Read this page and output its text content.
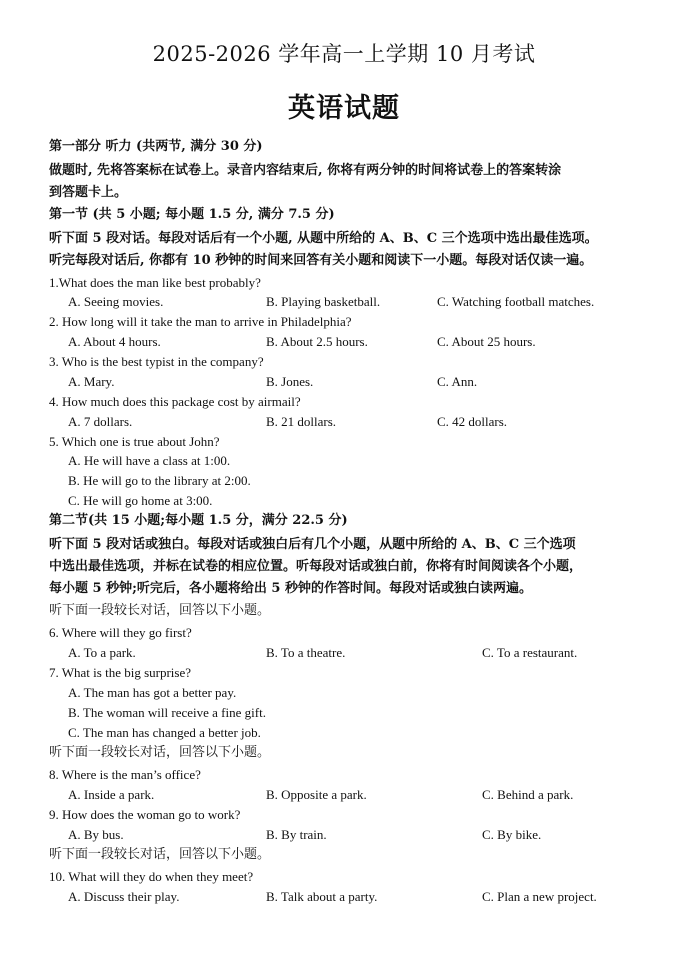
2025-2026 学年高一上学期 10 月考试
英语试题
第一部分 听力 (共两节, 满分 30 分)
做题时, 先将答案标在试卷上。录音内容结束后, 你将有两分钟的时间将试卷上的答案转涂
到答题卡上。
第一节 (共 5 小题; 每小题 1.5 分, 满分 7.5 分)
听下面 5 段对话。每段对话后有一个小题, 从题中所给的 A、B、C 三个选项中选出最佳选项。
听完每段对话后, 你都有 10 秒钟的时间来回答有关小题和阅读下一小题。每段对话仅读一遍。
1.What does the man like best probably?
A. Seeing movies.	B. Playing basketball.	C. Watching football matches.
2. How long will it take the man to arrive in Philadelphia?
A. About 4 hours.	B. About 2.5 hours.	C. About 25 hours.
3. Who is the best typist in the company?
A. Mary.	B. Jones.	C. Ann.
4. How much does this package cost by airmail?
A. 7 dollars.	B. 21 dollars.	C. 42 dollars.
5. Which one is true about John?
A. He will have a class at 1:00.
B. He will go to the library at 2:00.
C. He will go home at 3:00.
第二节(共 15 小题;每小题 1.5 分，满分 22.5 分)
听下面 5 段对话或独白。每段对话或独白后有几个小题，从题中所给的 A、B、C 三个选项
中选出最佳选项，并标在试卷的相应位置。听每段对话或独白前，你将有时间阅读各个小题，
每小题 5 秒钟;听完后，各小题将给出 5 秒钟的作答时间。每段对话或独白读两遍。
听下面一段较长对话，回答以下小题。
6. Where will they go first?
A. To a park.	B. To a theatre.	C. To a restaurant.
7. What is the big surprise?
A. The man has got a better pay.
B. The woman will receive a fine gift.
C. The man has changed a better job.
听下面一段较长对话，回答以下小题。
8. Where is the man’s office?
A. Inside a park.	B. Opposite a park.	C. Behind a park.
9. How does the woman go to work?
A. By bus.	B. By train.	C. By bike.
听下面一段较长对话，回答以下小题。
10. What will they do when they meet?
A. Discuss their play.	B. Talk about a party.	C. Plan a new project.
